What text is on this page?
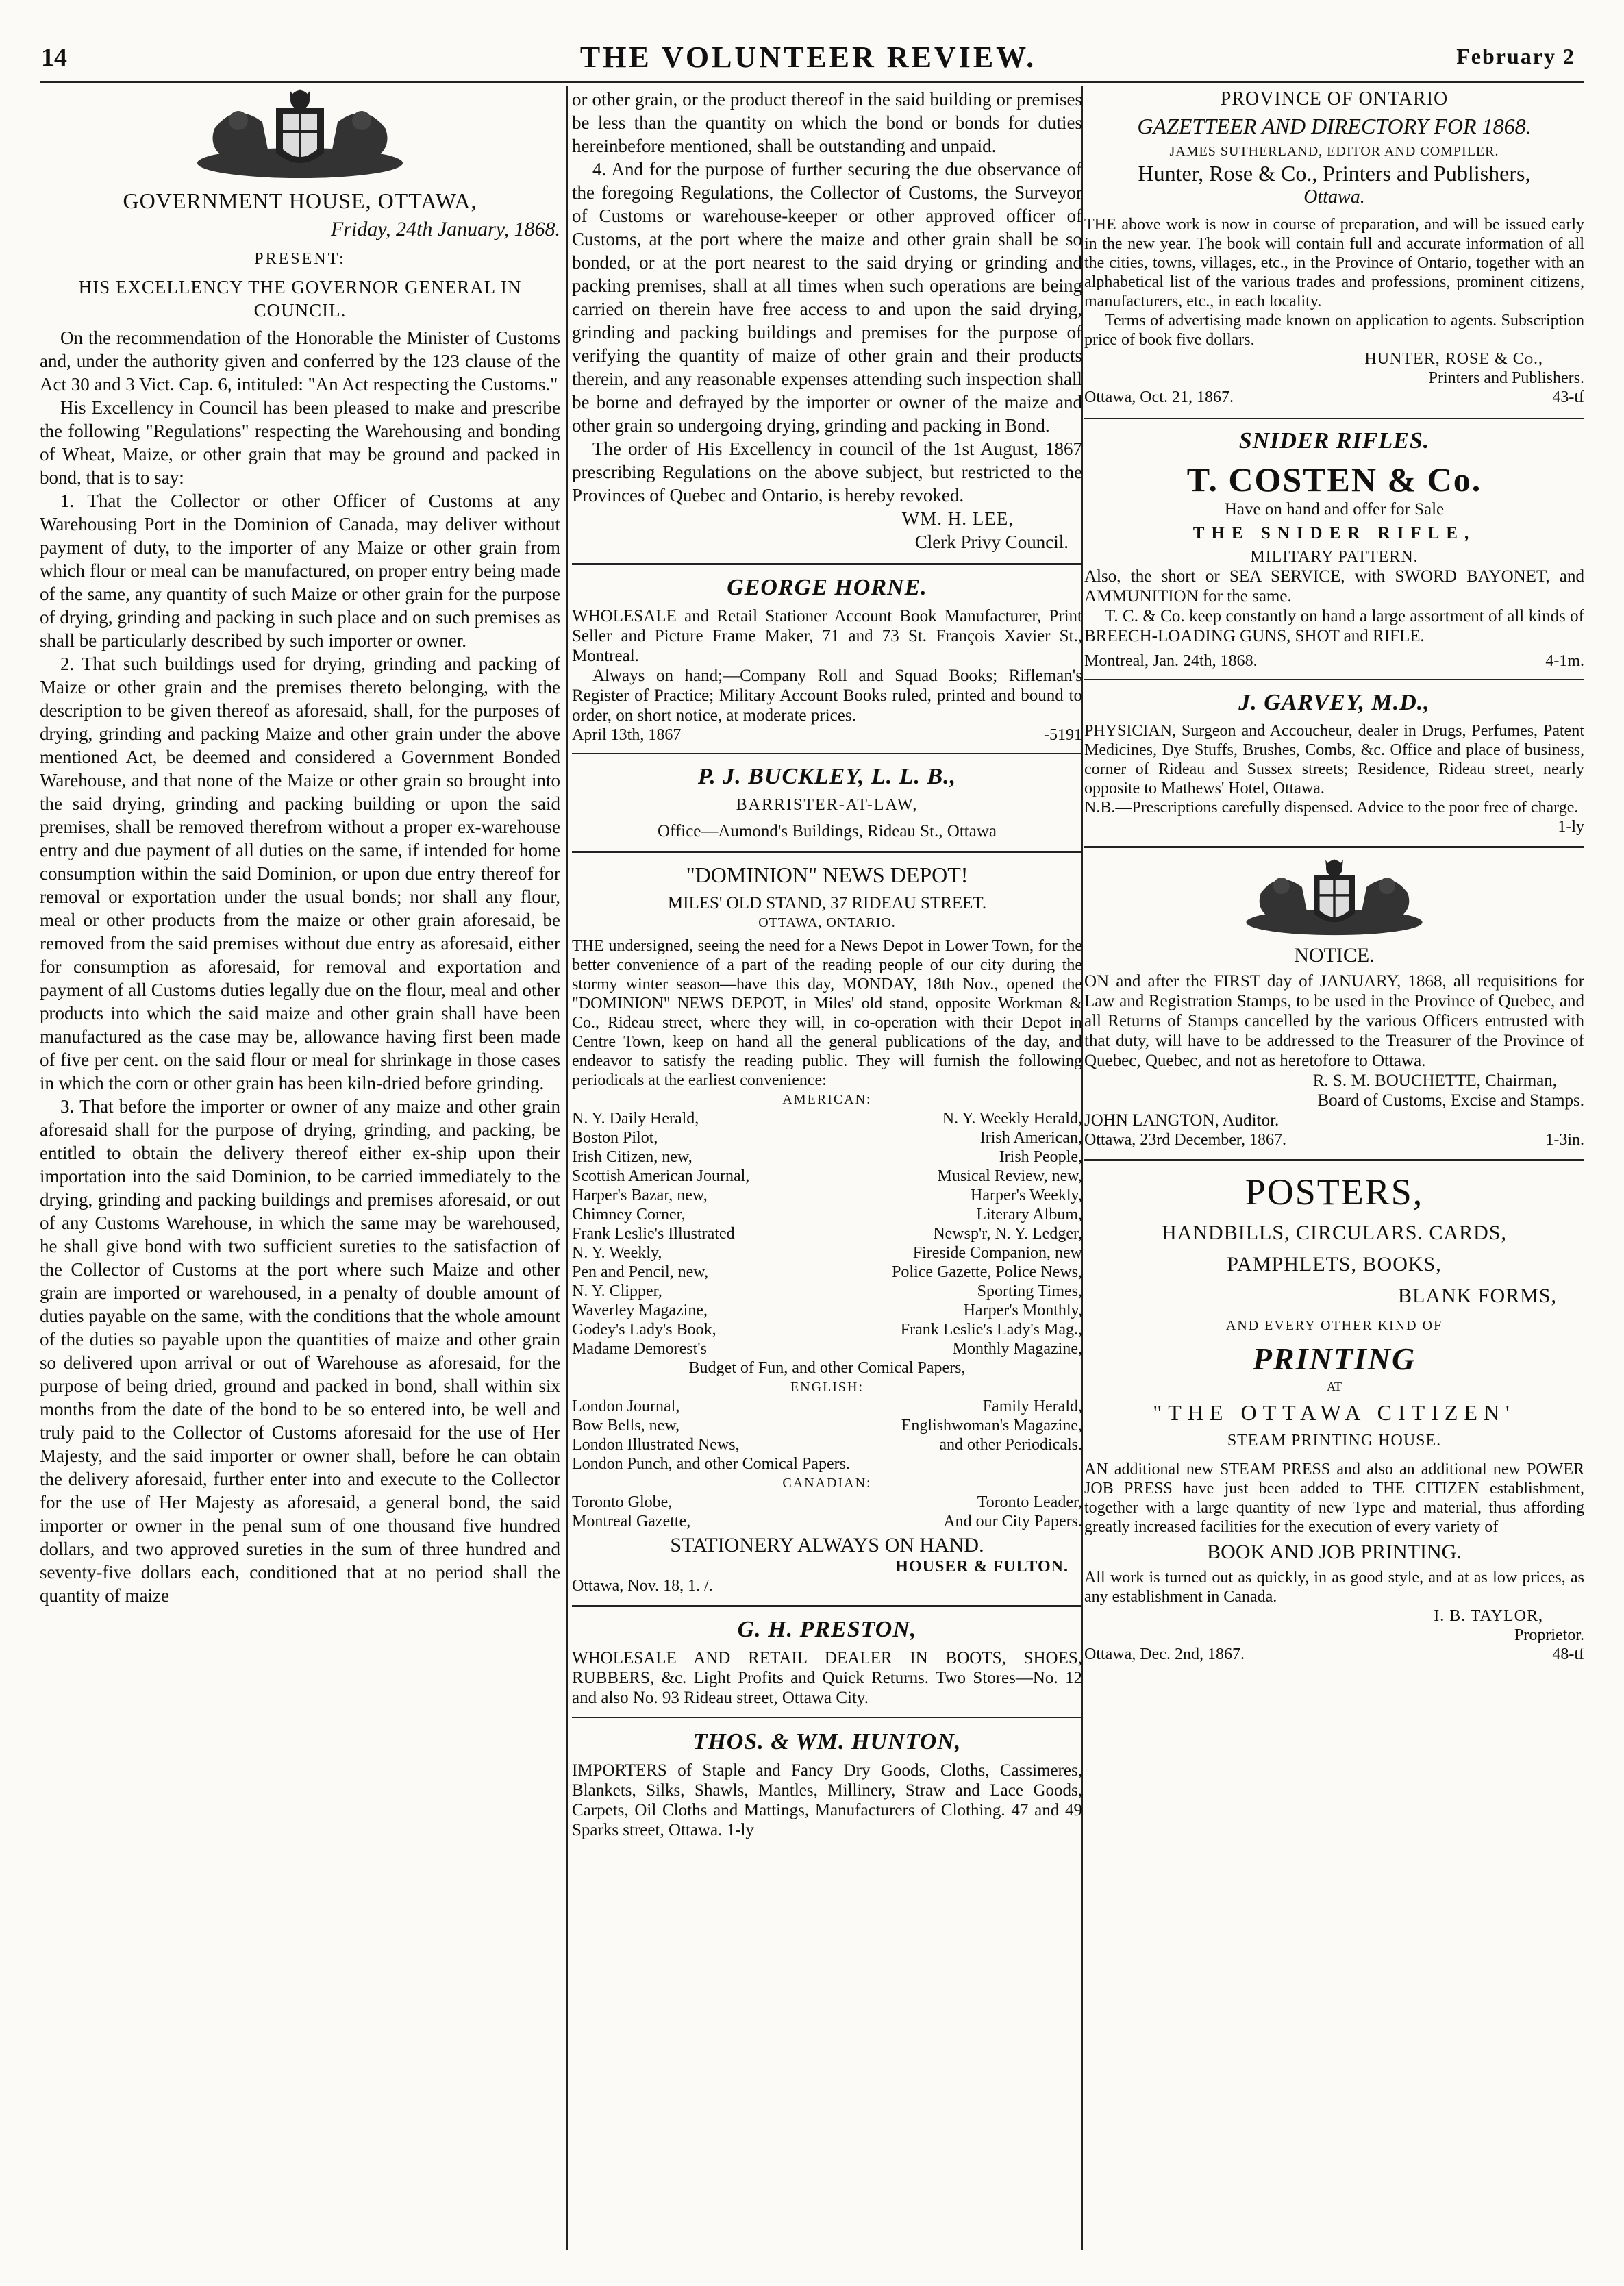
14	THE VOLUNTEER REVIEW.	February 2

GOVERNMENT HOUSE, OTTAWA,

Friday, 24th January, 1868.

PRESENT:

HIS EXCELLENCY THE GOVERNOR GENERAL IN COUNCIL.

On the recommendation of the Honorable the Minister of Customs and, under the authority given and conferred by the 123 clause of the Act 30 and 3 Vict. Cap. 6, intituled: "An Act respecting the Customs."

His Excellency in Council has been pleased to make and prescribe the following "Regulations" respecting the Warehousing and bonding of Wheat, Maize, or other grain that may be ground and packed in bond, that is to say:

1. That the Collector or other Officer of Customs at any Warehousing Port in the Dominion of Canada, may deliver without payment of duty, to the importer of any Maize or other grain from which flour or meal can be manufactured, on proper entry being made of the same, any quantity of such Maize or other grain for the purpose of drying, grinding and packing in such place and on such premises as shall be particularly described by such importer or owner.

2. That such buildings used for drying, grinding and packing of Maize or other grain and the premises thereto belonging, with the description to be given thereof as aforesaid, shall, for the purposes of drying, grinding and packing Maize and other grain under the above mentioned Act, be deemed and considered a Government Bonded Warehouse, and that none of the Maize or other grain so brought into the said drying, grinding and packing building or upon the said premises, shall be removed therefrom without a proper ex-warehouse entry and due payment of all duties on the same, if intended for home consumption within the said Dominion, or upon due entry thereof for removal or exportation under the usual bonds; nor shall any flour, meal or other products from the maize or other grain aforesaid, be removed from the said premises without due entry as aforesaid, either for consumption as aforesaid, for removal and exportation and payment of all Customs duties legally due on the flour, meal and other products into which the said maize and other grain shall have been manufactured as the case may be, allowance having first been made of five per cent. on the said flour or meal for shrinkage in those cases in which the corn or other grain has been kiln-dried before grinding.

3. That before the importer or owner of any maize and other grain aforesaid shall for the purpose of drying, grinding, and packing, be entitled to obtain the delivery thereof either ex-ship upon their importation into the said Dominion, to be carried immediately to the drying, grinding and packing buildings and premises aforesaid, or out of any Customs Warehouse, in which the same may be warehoused, he shall give bond with two sufficient sureties to the satisfaction of the Collector of Customs at the port where such Maize and other grain are imported or warehoused, in a penalty of double amount of duties payable on the same, with the conditions that the whole amount of the duties so payable upon the quantities of maize and other grain so delivered upon arrival or out of Warehouse as aforesaid, for the purpose of being dried, ground and packed in bond, shall within six months from the date of the bond to be so entered into, be well and truly paid to the Collector of Customs aforesaid for the use of Her Majesty, and the said importer or owner shall, before he can obtain the delivery aforesaid, further enter into and execute to the Collector for the use of Her Majesty as aforesaid, a general bond, the said importer or owner in the penal sum of one thousand five hundred dollars, and two approved sureties in the sum of three hundred and seventy-five dollars each, conditioned that at no period shall the quantity of maize

or other grain, or the product thereof in the said building or premises be less than the quantity on which the bond or bonds for duties hereinbefore mentioned, shall be outstanding and unpaid.

4. And for the purpose of further securing the due observance of the foregoing Regulations, the Collector of Customs, the Surveyor of Customs or warehouse-keeper or other approved officer of Customs, at the port where the maize and other grain shall be so bonded, or at the port nearest to the said drying or grinding and packing premises, shall at all times when such operations are being carried on therein have free access to and upon the said drying, grinding and packing buildings and premises for the purpose of verifying the quantity of maize of other grain and their products therein, and any reasonable expenses attending such inspection shall be borne and defrayed by the importer or owner of the maize and other grain so undergoing drying, grinding and packing in Bond.

The order of His Excellency in council of the 1st August, 1867 prescribing Regulations on the above subject, but restricted to the Provinces of Quebec and Ontario, is hereby revoked.

WM. H. LEE,

Clerk Privy Council.

GEORGE HORNE.

WHOLESALE and Retail Stationer Account Book Manufacturer, Print Seller and Picture Frame Maker, 71 and 73 St. François Xavier St., Montreal.

Always on hand;—Company Roll and Squad Books; Rifleman's Register of Practice; Military Account Books ruled, printed and bound to order, on short notice, at moderate prices.

April 13th, 1867	-5191

P. J. BUCKLEY, L. L. B.,

BARRISTER-AT-LAW,

Office—Aumond's Buildings, Rideau St., Ottawa

"DOMINION" NEWS DEPOT!

MILES' OLD STAND, 37 RIDEAU STREET.

OTTAWA, ONTARIO.

THE undersigned, seeing the need for a News Depot in Lower Town, for the better convenience of a part of the reading people of our city during the stormy winter season—have this day, MONDAY, 18th Nov., opened the "DOMINION" NEWS DEPOT, in Miles' old stand, opposite Workman & Co., Rideau street, where they will, in co-operation with their Depot in Centre Town, keep on hand all the general publications of the day, and endeavor to satisfy the reading public. They will furnish the following periodicals at the earliest convenience:

AMERICAN:

N. Y. Daily Herald,	N. Y. Weekly Herald,
Boston Pilot,	Irish American,
Irish Citizen, new,	Irish People,
Scottish American Journal,	Musical Review, new,
Harper's Bazar, new,	Harper's Weekly,
Chimney Corner,	Literary Album,
Frank Leslie's Illustrated	Newsp'r, N. Y. Ledger,
N. Y. Weekly,	Fireside Companion, new
Pen and Pencil, new,	Police Gazette, Police News,
N. Y. Clipper,	Sporting Times,
Waverley Magazine,	Harper's Monthly,
Godey's Lady's Book,	Frank Leslie's Lady's Mag.,
Madame Demorest's	Monthly Magazine,

Budget of Fun, and other Comical Papers,

ENGLISH:

London Journal,	Family Herald,
Bow Bells, new,	Englishwoman's Magazine,
London Illustrated News,	and other Periodicals.

London Punch, and other Comical Papers.

CANADIAN:

Toronto Globe,	Toronto Leader,
Montreal Gazette,	And our City Papers.

STATIONERY ALWAYS ON HAND.

HOUSER & FULTON.

Ottawa, Nov. 18, 1. /.

G. H. PRESTON,

WHOLESALE AND RETAIL DEALER IN BOOTS, SHOES, RUBBERS, &c. Light Profits and Quick Returns. Two Stores—No. 12 and also No. 93 Rideau street, Ottawa City.

THOS. & WM. HUNTON,

IMPORTERS of Staple and Fancy Dry Goods, Cloths, Cassimeres, Blankets, Silks, Shawls, Mantles, Millinery, Straw and Lace Goods, Carpets, Oil Cloths and Mattings, Manufacturers of Clothing. 47 and 49 Sparks street, Ottawa. 1-ly

PROVINCE OF ONTARIO

GAZETTEER AND DIRECTORY FOR 1868.

JAMES SUTHERLAND, EDITOR AND COMPILER.

Hunter, Rose & Co., Printers and Publishers,

Ottawa.

THE above work is now in course of preparation, and will be issued early in the new year. The book will contain full and accurate information of all the cities, towns, villages, etc., in the Province of Ontario, together with an alphabetical list of the various trades and professions, prominent citizens, manufacturers, etc., in each locality.

Terms of advertising made known on application to agents. Subscription price of book five dollars.

HUNTER, ROSE & Co.,

Printers and Publishers.

Ottawa, Oct. 21, 1867.	43-tf

SNIDER RIFLES.

T. COSTEN & Co.

Have on hand and offer for Sale

THE SNIDER RIFLE,

MILITARY PATTERN.

Also, the short or SEA SERVICE, with SWORD BAYONET, and AMMUNITION for the same.

T. C. & Co. keep constantly on hand a large assortment of all kinds of BREECH-LOADING GUNS, SHOT and RIFLE.

Montreal, Jan. 24th, 1868.	4-1m.

J. GARVEY, M.D.,

PHYSICIAN, Surgeon and Accoucheur, dealer in Drugs, Perfumes, Patent Medicines, Dye Stuffs, Brushes, Combs, &c. Office and place of business, corner of Rideau and Sussex streets; Residence, Rideau street, nearly opposite to Mathews' Hotel, Ottawa.

N.B.—Prescriptions carefully dispensed. Advice to the poor free of charge.

1-ly

NOTICE.

ON and after the FIRST day of JANUARY, 1868, all requisitions for Law and Registration Stamps, to be used in the Province of Quebec, and all Returns of Stamps cancelled by the various Officers entrusted with that duty, will have to be addressed to the Treasurer of the Province of Quebec, Quebec, and not as heretofore to Ottawa.

R. S. M. BOUCHETTE, Chairman,

Board of Customs, Excise and Stamps.

JOHN LANGTON, Auditor.

Ottawa, 23rd December, 1867.	1-3in.

POSTERS,

HANDBILLS, CIRCULARS. CARDS,

PAMPHLETS, BOOKS,

BLANK FORMS,

AND EVERY OTHER KIND OF

PRINTING

AT

"THE OTTAWA CITIZEN'

STEAM PRINTING HOUSE.

AN additional new STEAM PRESS and also an additional new POWER JOB PRESS have just been added to THE CITIZEN establishment, together with a large quantity of new Type and material, thus affording greatly increased facilities for the execution of every variety of

BOOK AND JOB PRINTING.

All work is turned out as quickly, in as good style, and at as low prices, as any establishment in Canada.

I. B. TAYLOR,

Proprietor.

Ottawa, Dec. 2nd, 1867.	48-tf
